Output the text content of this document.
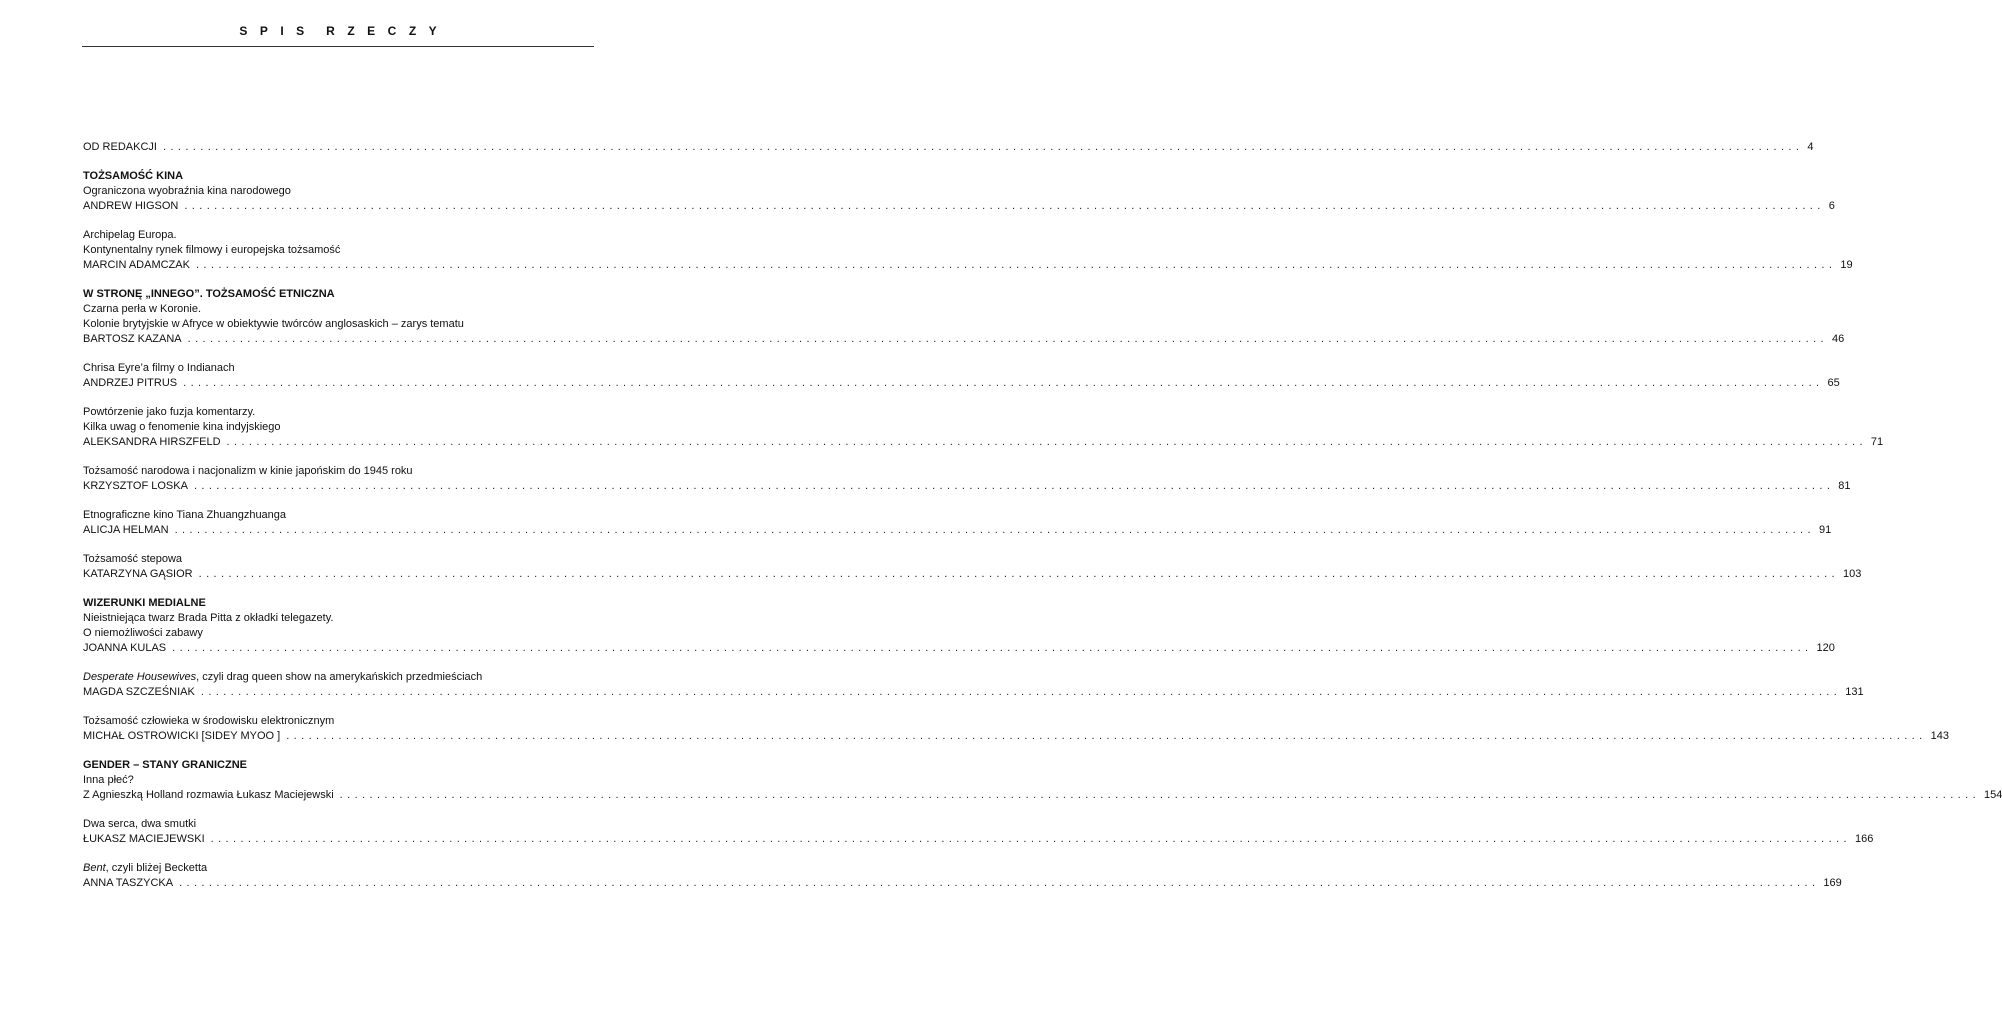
SPIS RZECZY
OD REDAKCJI ............................................................................................................................................................................................................................ 4
TOŻSAMOŚĆ KINA
Ograniczona wyobraźnia kina narodowego
ANDREW HIGSON ............................................................................................................................................................................................................................ 6
Archipelag Europa.
Kontynentalny rynek filmowy i europejska tożsamość
MARCIN ADAMCZAK ............................................................................................................................................................................................................................ 19
W STRONĘ „INNEGO”. TOŻSAMOŚĆ ETNICZNA
Czarna perła w Koronie.
Kolonie brytyjskie w Afryce w obiektywie twórców anglosaskich – zarys tematu
BARTOSZ KAZANA ............................................................................................................................................................................................................................ 46
Chrisa Eyre’a filmy o Indianach
ANDRZEJ PITRUS ............................................................................................................................................................................................................................ 65
Powtórzenie jako fuzja komentarzy.
Kilka uwag o fenomenie kina indyjskiego
ALEKSANDRA HIRSZFELD ............................................................................................................................................................................................................................ 71
Tożsamość narodowa i nacjonalizm w kinie japońskim do 1945 roku
KRZYSZTOF LOSKA ............................................................................................................................................................................................................................ 81
Etnograficzne kino Tiana Zhuangzhuanga
ALICJA HELMAN ............................................................................................................................................................................................................................ 91
Tożsamość stepowa
KATARZYNA GĄSIOR ............................................................................................................................................................................................................................ 103
WIZERUNKI MEDIALNE
Nieistniejąca twarz Brada Pitta z okładki telegazety.
O niemożliwości zabawy
JOANNA KULAS ............................................................................................................................................................................................................................ 120
Desperate Housewives, czyli drag queen show na amerykańskich przedmieściach
MAGDA SZCZEŚNIAK ............................................................................................................................................................................................................................ 131
Tożsamość człowieka w środowisku elektronicznym
MICHAŁ OSTROWICKI [SIDEY MYOO ] ............................................................................................................................................................................................................................ 143
GENDER – STANY GRANICZNE
Inna płeć?
Z Agnieszką Holland rozmawia Łukasz Maciejewski ............................................................................................................................................................................................................................ 154
Dwa serca, dwa smutki
ŁUKASZ MACIEJEWSKI ............................................................................................................................................................................................................................ 166
Bent, czyli bliżej Becketta
ANNA TASZYCKA ............................................................................................................................................................................................................................ 169
